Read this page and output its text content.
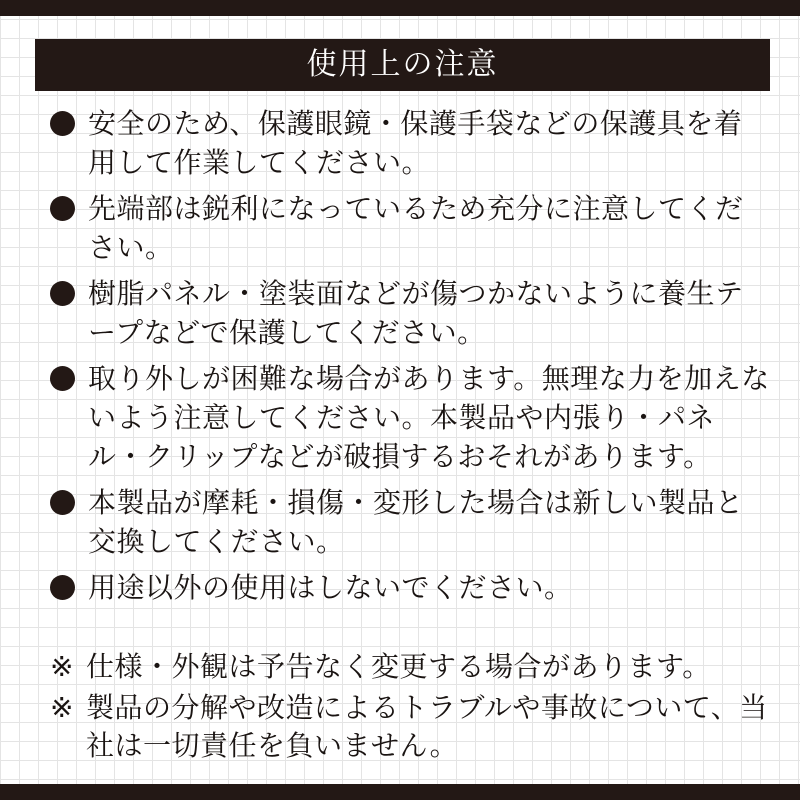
使用上の注意
安全のため、保護眼鏡・保護手袋などの保護具を着用して作業してください。
先端部は鋭利になっているため充分に注意してください。
樹脂パネル・塗装面などが傷つかないように養生テープなどで保護してください。
取り外しが困難な場合があります。無理な力を加えないよう注意してください。本製品や内張り・パネル・クリップなどが破損するおそれがあります。
本製品が摩耗・損傷・変形した場合は新しい製品と交換してください。
用途以外の使用はしないでください。
※ 仕様・外観は予告なく変更する場合があります。
※ 製品の分解や改造によるトラブルや事故について、当社は一切責任を負いません。
